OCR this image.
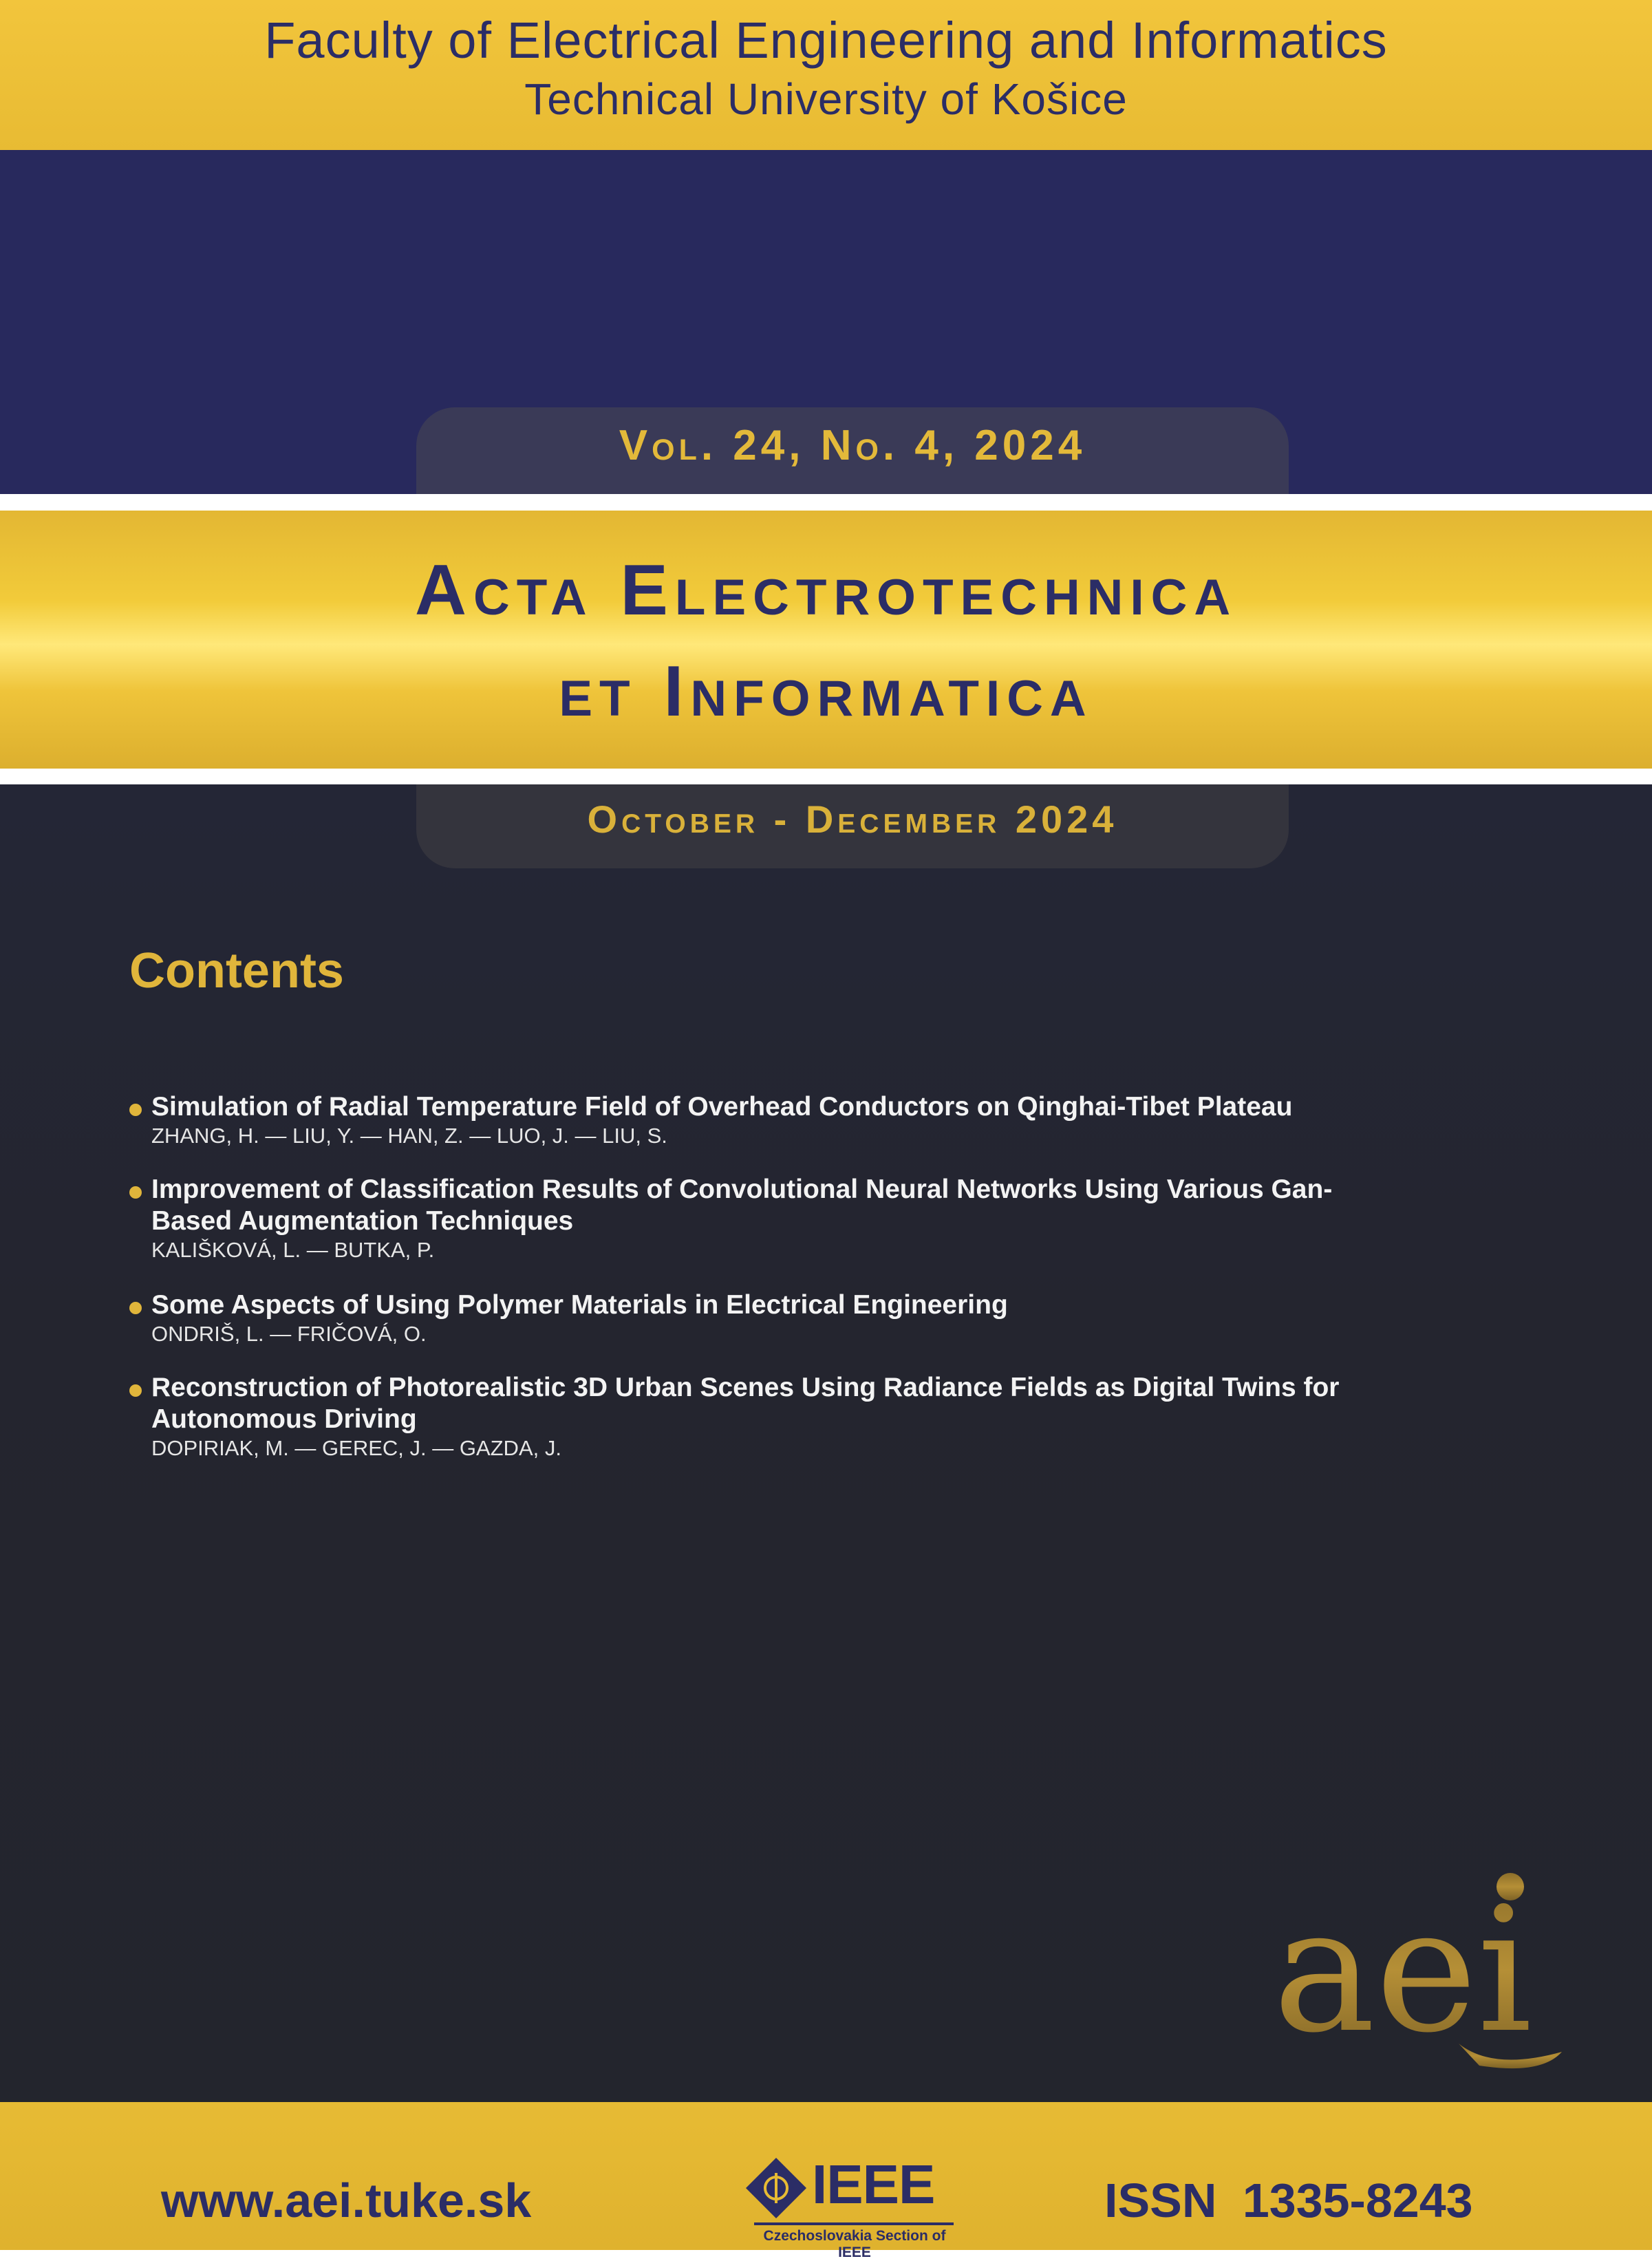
Faculty of Electrical Engineering and Informatics
Technical University of Košice
Vol. 24, No. 4, 2024
Acta Electrotechnica
et Informatica
October - December 2024
Contents
Simulation of Radial Temperature Field of Overhead Conductors on Qinghai-Tibet Plateau
ZHANG, H. — LIU, Y. — HAN, Z. — LUO, J. — LIU, S.
Improvement of Classification Results of Convolutional Neural Networks Using Various Gan-Based Augmentation Techniques
KALIŠKOVÁ, L. — BUTKA, P.
Some Aspects of Using Polymer Materials in Electrical Engineering
ONDRIŠ, L. — FRIČOVÁ, O.
Reconstruction of Photorealistic 3D Urban Scenes Using Radiance Fields as Digital Twins for Autonomous Driving
DOPIRIAK, M. — GEREC, J. — GAZDA, J.
aei
www.aei.tuke.sk	IEEE
Czechoslovakia Section of IEEE
ISSN 1335-8243
